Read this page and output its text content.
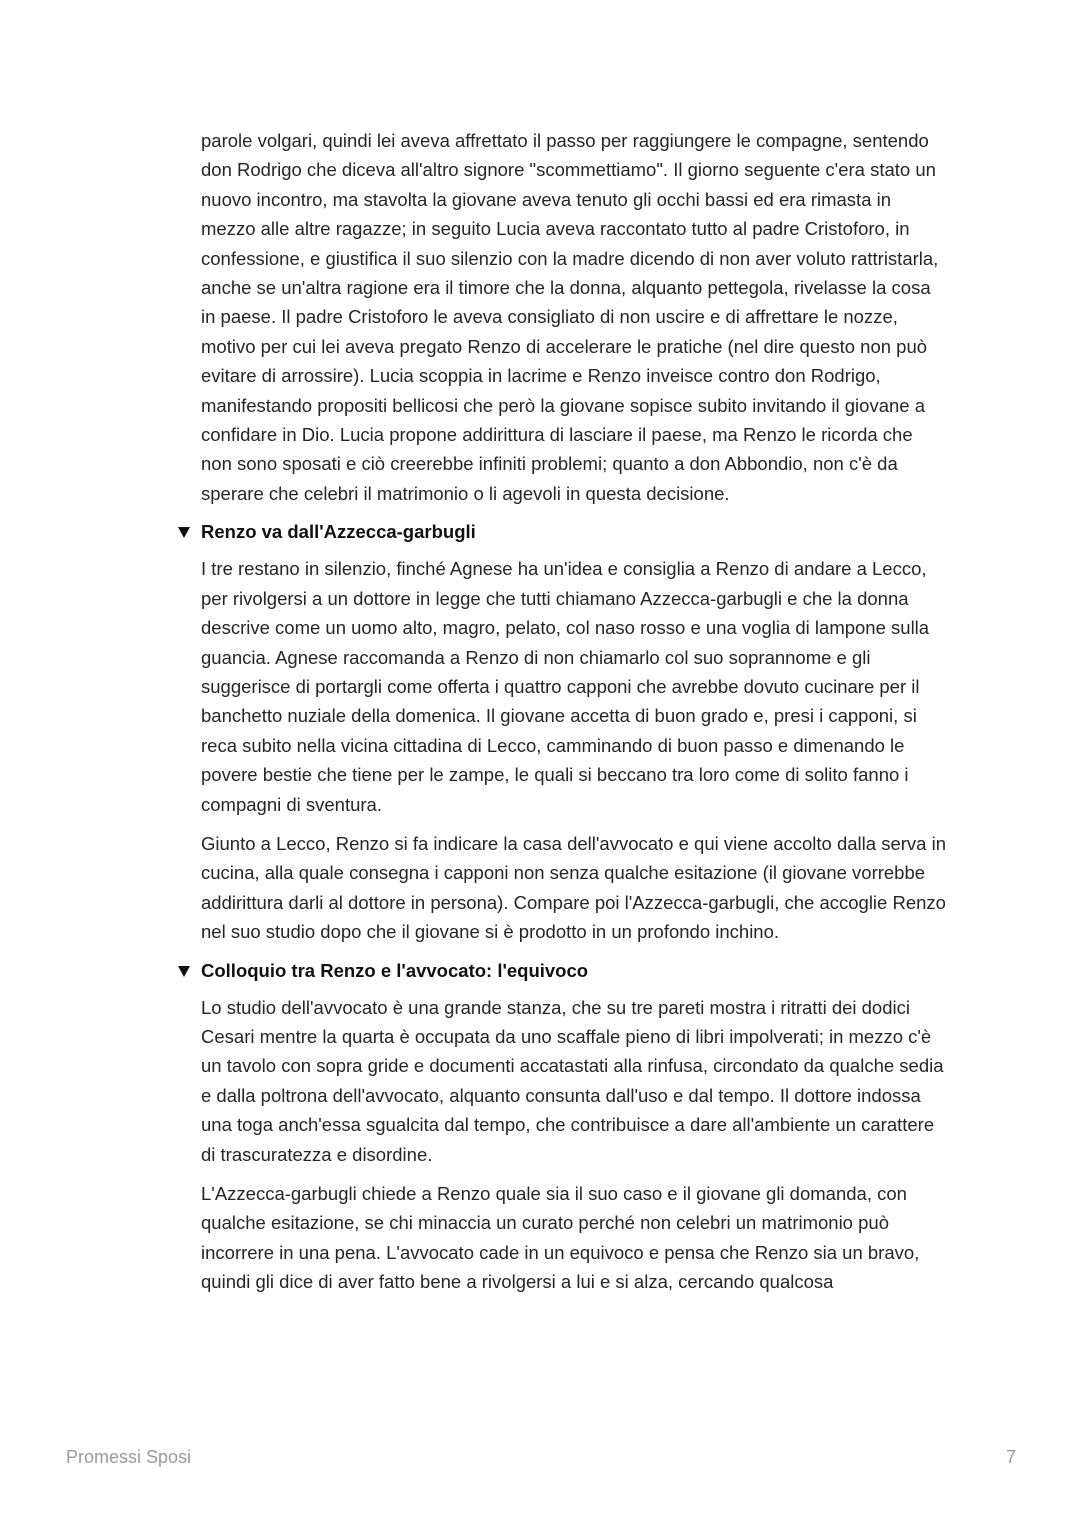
parole volgari, quindi lei aveva affrettato il passo per raggiungere le compagne, sentendo don Rodrigo che diceva all'altro signore "scommettiamo". Il giorno seguente c'era stato un nuovo incontro, ma stavolta la giovane aveva tenuto gli occhi bassi ed era rimasta in mezzo alle altre ragazze; in seguito Lucia aveva raccontato tutto al padre Cristoforo, in confessione, e giustifica il suo silenzio con la madre dicendo di non aver voluto rattristarla, anche se un'altra ragione era il timore che la donna, alquanto pettegola, rivelasse la cosa in paese. Il padre Cristoforo le aveva consigliato di non uscire e di affrettare le nozze, motivo per cui lei aveva pregato Renzo di accelerare le pratiche (nel dire questo non può evitare di arrossire). Lucia scoppia in lacrime e Renzo inveisce contro don Rodrigo, manifestando propositi bellicosi che però la giovane sopisce subito invitando il giovane a confidare in Dio. Lucia propone addirittura di lasciare il paese, ma Renzo le ricorda che non sono sposati e ciò creerebbe infiniti problemi; quanto a don Abbondio, non c'è da sperare che celebri il matrimonio o li agevoli in questa decisione.

Renzo va dall'Azzecca-garbugli

I tre restano in silenzio, finché Agnese ha un'idea e consiglia a Renzo di andare a Lecco, per rivolgersi a un dottore in legge che tutti chiamano Azzecca-garbugli e che la donna descrive come un uomo alto, magro, pelato, col naso rosso e una voglia di lampone sulla guancia. Agnese raccomanda a Renzo di non chiamarlo col suo soprannome e gli suggerisce di portargli come offerta i quattro capponi che avrebbe dovuto cucinare per il banchetto nuziale della domenica. Il giovane accetta di buon grado e, presi i capponi, si reca subito nella vicina cittadina di Lecco, camminando di buon passo e dimenando le povere bestie che tiene per le zampe, le quali si beccano tra loro come di solito fanno i compagni di sventura.

Giunto a Lecco, Renzo si fa indicare la casa dell'avvocato e qui viene accolto dalla serva in cucina, alla quale consegna i capponi non senza qualche esitazione (il giovane vorrebbe addirittura darli al dottore in persona). Compare poi l'Azzecca-garbugli, che accoglie Renzo nel suo studio dopo che il giovane si è prodotto in un profondo inchino.

Colloquio tra Renzo e l'avvocato: l'equivoco

Lo studio dell'avvocato è una grande stanza, che su tre pareti mostra i ritratti dei dodici Cesari mentre la quarta è occupata da uno scaffale pieno di libri impolverati; in mezzo c'è un tavolo con sopra gride e documenti accatastati alla rinfusa, circondato da qualche sedia e dalla poltrona dell'avvocato, alquanto consunta dall'uso e dal tempo. Il dottore indossa una toga anch'essa sgualcita dal tempo, che contribuisce a dare all'ambiente un carattere di trascuratezza e disordine.

L'Azzecca-garbugli chiede a Renzo quale sia il suo caso e il giovane gli domanda, con qualche esitazione, se chi minaccia un curato perché non celebri un matrimonio può incorrere in una pena. L'avvocato cade in un equivoco e pensa che Renzo sia un bravo, quindi gli dice di aver fatto bene a rivolgersi a lui e si alza, cercando qualcosa

Promessi Sposi	7
